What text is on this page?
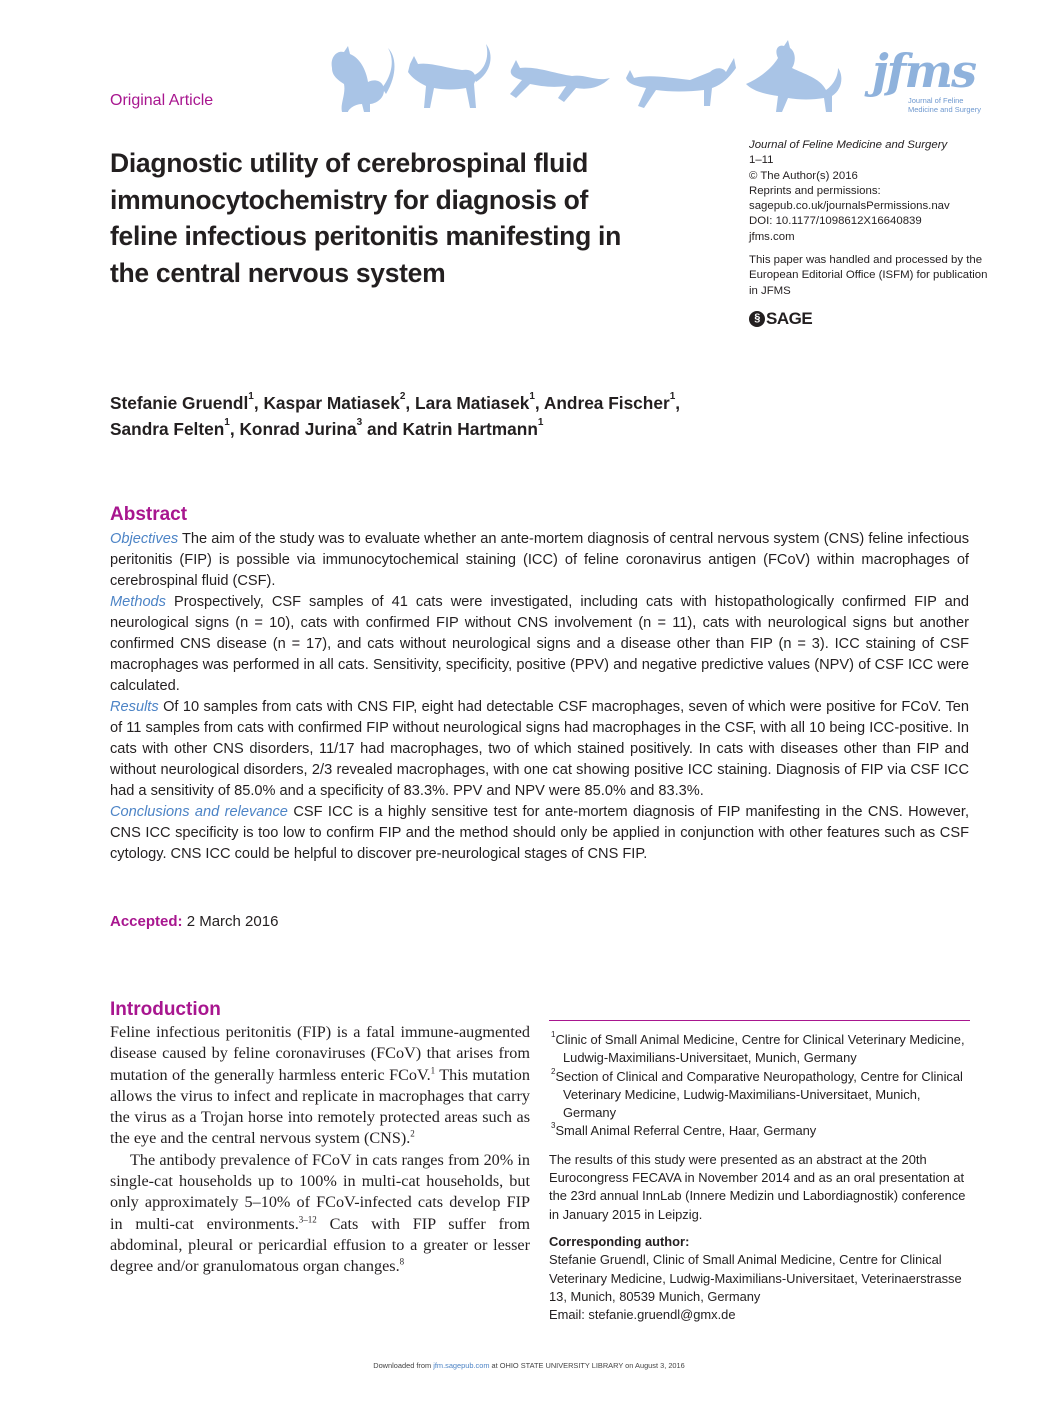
Original Article
jfms
Journal of Feline Medicine and Surgery
Journal of Feline Medicine and Surgery
1–11
© The Author(s) 2016
Reprints and permissions:
sagepub.co.uk/journalsPermissions.nav
DOI: 10.1177/1098612X16640839
jfms.com
This paper was handled and processed by the European Editorial Office (ISFM) for publication in JFMS
§ SAGE
Diagnostic utility of cerebrospinal fluid immunocytochemistry for diagnosis of feline infectious peritonitis manifesting in the central nervous system
Stefanie Gruendl$^1$, Kaspar Matiasek$^2$, Lara Matiasek$^1$, Andrea Fischer$^1$,
Sandra Felten$^1$, Konrad Jurina$^3$ and Katrin Hartmann$^1$
Abstract

Objectives The aim of the study was to evaluate whether an ante-mortem diagnosis of central nervous system (CNS) feline infectious peritonitis (FIP) is possible via immunocytochemical staining (ICC) of feline coronavirus antigen (FCoV) within macrophages of cerebrospinal fluid (CSF).

Methods Prospectively, CSF samples of 41 cats were investigated, including cats with histopathologically confirmed FIP and neurological signs (n = 10), cats with confirmed FIP without CNS involvement (n = 11), cats with neurological signs but another confirmed CNS disease (n = 17), and cats without neurological signs and a disease other than FIP (n = 3). ICC staining of CSF macrophages was performed in all cats. Sensitivity, specificity, positive (PPV) and negative predictive values (NPV) of CSF ICC were calculated.

Results Of 10 samples from cats with CNS FIP, eight had detectable CSF macrophages, seven of which were positive for FCoV. Ten of 11 samples from cats with confirmed FIP without neurological signs had macrophages in the CSF, with all 10 being ICC-positive. In cats with other CNS disorders, 11/17 had macrophages, two of which stained positively. In cats with diseases other than FIP and without neurological disorders, 2/3 revealed macrophages, with one cat showing positive ICC staining. Diagnosis of FIP via CSF ICC had a sensitivity of 85.0% and a specificity of 83.3%. PPV and NPV were 85.0% and 83.3%.

Conclusions and relevance CSF ICC is a highly sensitive test for ante-mortem diagnosis of FIP manifesting in the CNS. However, CNS ICC specificity is too low to confirm FIP and the method should only be applied in conjunction with other features such as CSF cytology. CNS ICC could be helpful to discover pre-neurological stages of CNS FIP.

Accepted: 2 March 2016
Introduction

Feline infectious peritonitis (FIP) is a fatal immune-augmented disease caused by feline coronaviruses (FCoV) that arises from mutation of the generally harmless enteric FCoV.$^1$ This mutation allows the virus to infect and replicate in macrophages that carry the virus as a Trojan horse into remotely protected areas such as the eye and the central nervous system (CNS).$^2$

The antibody prevalence of FCoV in cats ranges from 20% in single-cat households up to 100% in multi-cat households, but only approximately 5–10% of FCoV-infected cats develop FIP in multi-cat environments.$^{3-12}$ Cats with FIP suffer from abdominal, pleural or pericardial effusion to a greater or lesser degree and/or granulomatous organ changes.$^8$

$^1$Clinic of Small Animal Medicine, Centre for Clinical Veterinary Medicine, Ludwig-Maximilians-Universitaet, Munich, Germany
$^2$Section of Clinical and Comparative Neuropathology, Centre for Clinical Veterinary Medicine, Ludwig-Maximilians-Universitaet, Munich, Germany
$^3$Small Animal Referral Centre, Haar, Germany
The results of this study were presented as an abstract at the 20th Eurocongress FECAVA in November 2014 and as an oral presentation at the 23rd annual InnLab (Innere Medizin und Labordiagnostik) conference in January 2015 in Leipzig.
Corresponding author:
Stefanie Gruendl, Clinic of Small Animal Medicine, Centre for Clinical Veterinary Medicine, Ludwig-Maximilians-Universitaet, Veterinaerstrasse 13, Munich, 80539 Munich, Germany
Email: stefanie.gruendl@gmx.de
Downloaded from jfm.sagepub.com at OHIO STATE UNIVERSITY LIBRARY on August 3, 2016
